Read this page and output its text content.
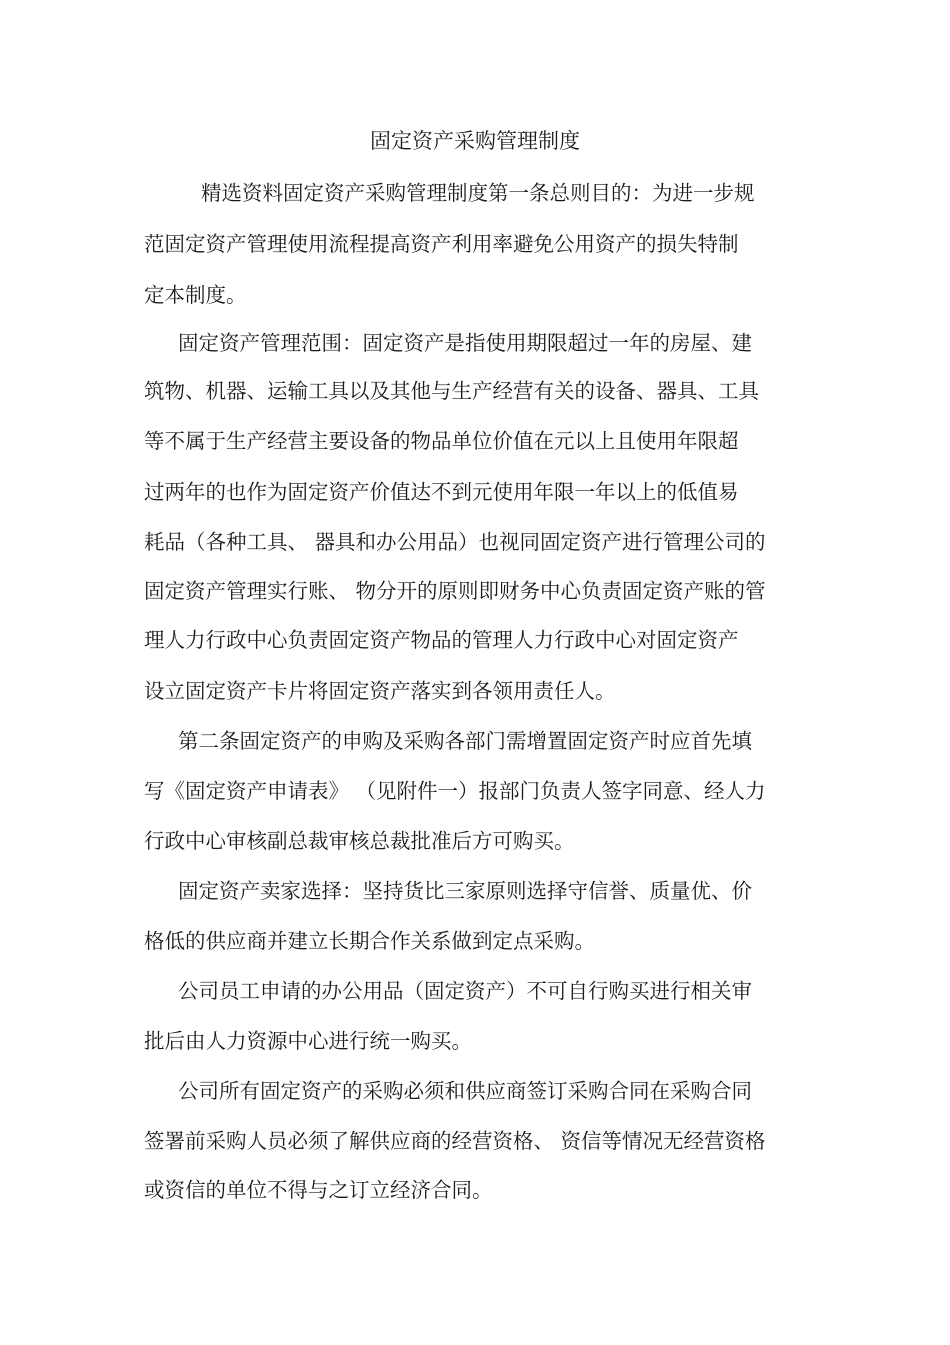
固定资产采购管理制度

精选资料固定资产采购管理制度第一条总则目的：为进一步规

范固定资产管理使用流程提高资产利用率避免公用资产的损失特制

定本制度。

固定资产管理范围：固定资产是指使用期限超过一年的房屋、建

筑物、机器、运输工具以及其他与生产经营有关的设备、器具、工具

等不属于生产经营主要设备的物品单位价值在元以上且使用年限超

过两年的也作为固定资产价值达不到元使用年限一年以上的低值易

耗品（各种工具、 器具和办公用品）也视同固定资产进行管理公司的

固定资产管理实行账、 物分开的原则即财务中心负责固定资产账的管

理人力行政中心负责固定资产物品的管理人力行政中心对固定资产

设立固定资产卡片将固定资产落实到各领用责任人。

第二条固定资产的申购及采购各部门需增置固定资产时应首先填

写《固定资产申请表》 （见附件一）报部门负责人签字同意、经人力

行政中心审核副总裁审核总裁批准后方可购买。

固定资产卖家选择：坚持货比三家原则选择守信誉、质量优、价

格低的供应商并建立长期合作关系做到定点采购。

公司员工申请的办公用品（固定资产）不可自行购买进行相关审

批后由人力资源中心进行统一购买。

公司所有固定资产的采购必须和供应商签订采购合同在采购合同

签署前采购人员必须了解供应商的经营资格、 资信等情况无经营资格

或资信的单位不得与之订立经济合同。
